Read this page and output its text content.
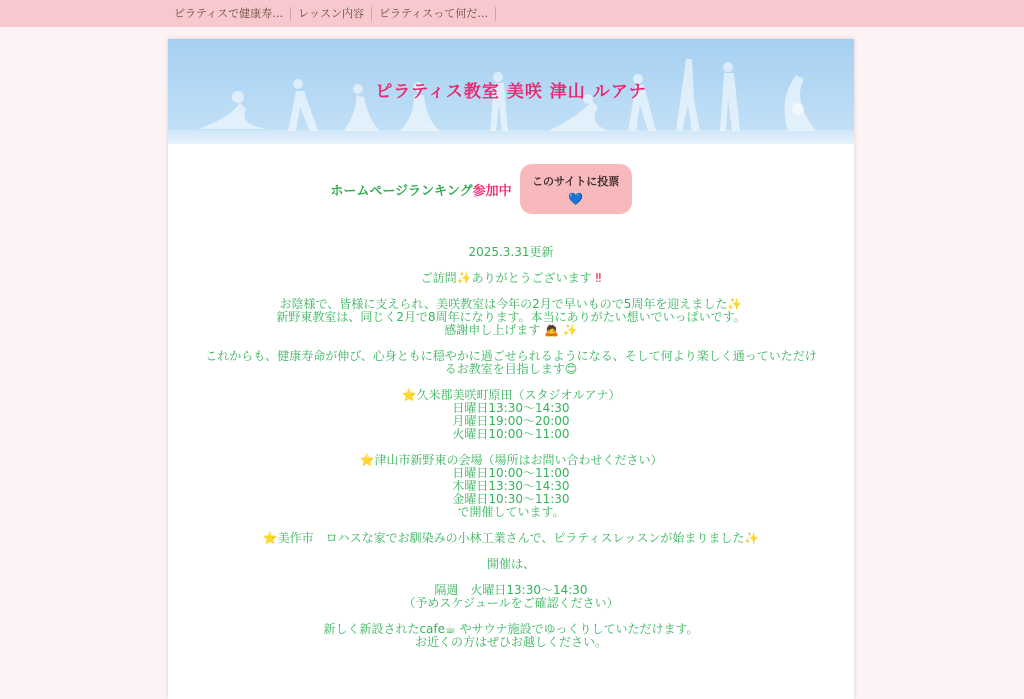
ピラティスで健康寿…	レッスン内容	ピラティスって何だ…
ピラティス教室 美咲 津山 ルアナ
ホームページランキング参加中
このサイトに投票
💙

2025.3.31更新

ご訪問✨ありがとうございます ‼

お陰様で、皆様に支えられ、美咲教室は今年の2月で早いもので5周年を迎えました✨
新野東教室は、同じく2月で8周年になります。本当にありがたい想いでいっぱいです。
感謝申し上げます 🙇 ✨

これからも、健康寿命が伸び、心身ともに穏やかに過ごせられるようになる、そして何より楽しく通っていただけ
るお教室を目指します😊

⭐久米郡美咲町原田（スタジオルアナ）
日曜日13:30〜14:30
月曜日19:00〜20:00
火曜日10:00〜11:00

⭐津山市新野東の会場（場所はお問い合わせください）
日曜日10:00〜11:00
木曜日13:30〜14:30
金曜日10:30〜11:30
で開催しています。

⭐美作市　ロハスな家でお馴染みの小林工業さんで、ピラティスレッスンが始まりました✨

開催は、

隔週　火曜日13:30〜14:30
（予めスケジュールをご確認ください）

新しく新設されたcafe☕ やサウナ施設でゆっくりしていただけます。
お近くの方はぜひお越しください。
